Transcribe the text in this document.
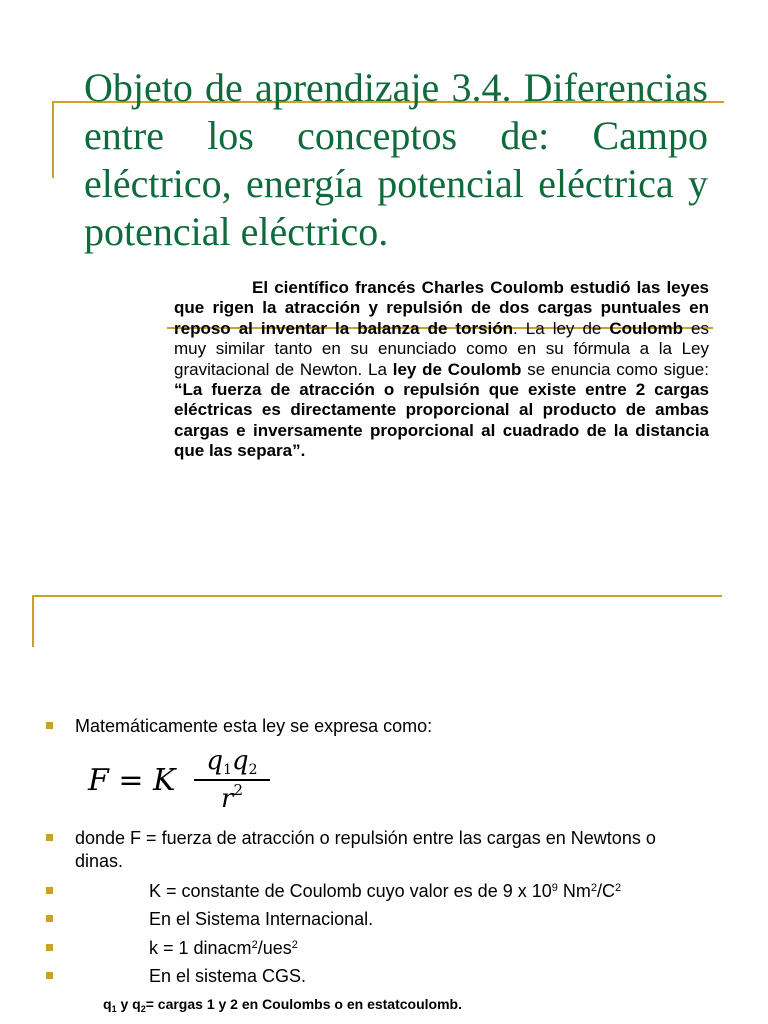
Objeto de aprendizaje 3.4. Diferencias entre los conceptos de: Campo eléctrico, energía potencial eléctrica y potencial eléctrico.

El científico francés Charles Coulomb estudió las leyes que rigen la atracción y repulsión de dos cargas puntuales en reposo al inventar la balanza de torsión. La ley de Coulomb es muy similar tanto en su enunciado como en su fórmula a la Ley gravitacional de Newton. La ley de Coulomb se enuncia como sigue: “La fuerza de atracción o repulsión que existe entre 2 cargas eléctricas es directamente proporcional al producto de ambas cargas e inversamente proporcional al cuadrado de la distancia que las separa”.

Matemáticamente esta ley se expresa como:
F = K
$q_1q_2$
$r^2$
donde F = fuerza de atracción o repulsión entre las cargas en Newtons o dinas.
K = constante de Coulomb cuyo valor es de 9 x $10^9$ $Nm^2/C^2$
En el Sistema Internacional.
k = 1 dinacm$^2$/ues$^2$
En el sistema CGS.
$q_1$ y $q_2=$ cargas 1 y 2 en Coulombs o en estatcoulomb.
